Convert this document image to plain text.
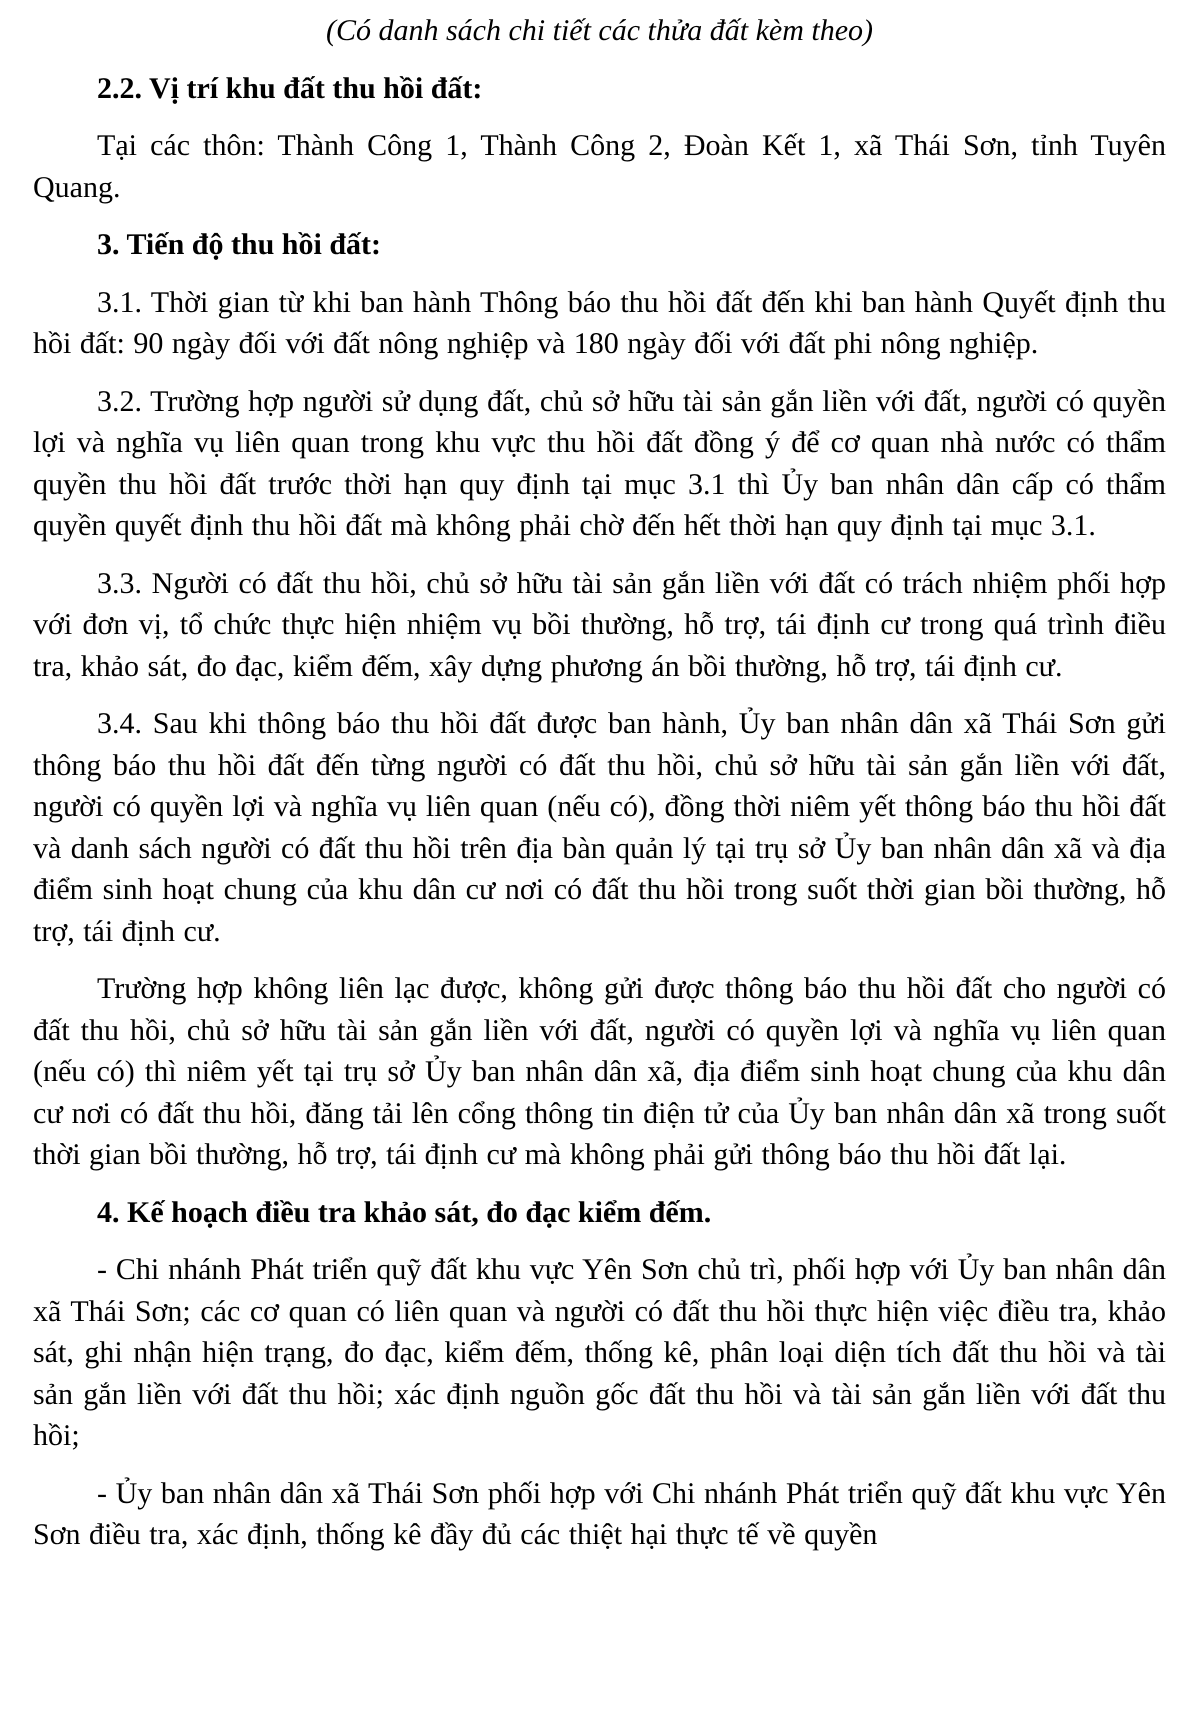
(Có danh sách chi tiết các thửa đất kèm theo)
2.2. Vị trí khu đất thu hồi đất:
Tại các thôn: Thành Công 1, Thành Công 2, Đoàn Kết 1, xã Thái Sơn, tỉnh Tuyên Quang.
3. Tiến độ thu hồi đất:
3.1. Thời gian từ khi ban hành Thông báo thu hồi đất đến khi ban hành Quyết định thu hồi đất: 90 ngày đối với đất nông nghiệp và 180 ngày đối với đất phi nông nghiệp.
3.2. Trường hợp người sử dụng đất, chủ sở hữu tài sản gắn liền với đất, người có quyền lợi và nghĩa vụ liên quan trong khu vực thu hồi đất đồng ý để cơ quan nhà nước có thẩm quyền thu hồi đất trước thời hạn quy định tại mục 3.1 thì Ủy ban nhân dân cấp có thẩm quyền quyết định thu hồi đất mà không phải chờ đến hết thời hạn quy định tại mục 3.1.
3.3. Người có đất thu hồi, chủ sở hữu tài sản gắn liền với đất có trách nhiệm phối hợp với đơn vị, tổ chức thực hiện nhiệm vụ bồi thường, hỗ trợ, tái định cư trong quá trình điều tra, khảo sát, đo đạc, kiểm đếm, xây dựng phương án bồi thường, hỗ trợ, tái định cư.
3.4. Sau khi thông báo thu hồi đất được ban hành, Ủy ban nhân dân xã Thái Sơn gửi thông báo thu hồi đất đến từng người có đất thu hồi, chủ sở hữu tài sản gắn liền với đất, người có quyền lợi và nghĩa vụ liên quan (nếu có), đồng thời niêm yết thông báo thu hồi đất và danh sách người có đất thu hồi trên địa bàn quản lý tại trụ sở Ủy ban nhân dân xã và địa điểm sinh hoạt chung của khu dân cư nơi có đất thu hồi trong suốt thời gian bồi thường, hỗ trợ, tái định cư.
Trường hợp không liên lạc được, không gửi được thông báo thu hồi đất cho người có đất thu hồi, chủ sở hữu tài sản gắn liền với đất, người có quyền lợi và nghĩa vụ liên quan (nếu có) thì niêm yết tại trụ sở Ủy ban nhân dân xã, địa điểm sinh hoạt chung của khu dân cư nơi có đất thu hồi, đăng tải lên cổng thông tin điện tử của Ủy ban nhân dân xã trong suốt thời gian bồi thường, hỗ trợ, tái định cư mà không phải gửi thông báo thu hồi đất lại.
4. Kế hoạch điều tra khảo sát, đo đạc kiểm đếm.
- Chi nhánh Phát triển quỹ đất khu vực Yên Sơn chủ trì, phối hợp với Ủy ban nhân dân xã Thái Sơn; các cơ quan có liên quan và người có đất thu hồi thực hiện việc điều tra, khảo sát, ghi nhận hiện trạng, đo đạc, kiểm đếm, thống kê, phân loại diện tích đất thu hồi và tài sản gắn liền với đất thu hồi; xác định nguồn gốc đất thu hồi và tài sản gắn liền với đất thu hồi;
- Ủy ban nhân dân xã Thái Sơn phối hợp với Chi nhánh Phát triển quỹ đất khu vực Yên Sơn điều tra, xác định, thống kê đầy đủ các thiệt hại thực tế về quyền
